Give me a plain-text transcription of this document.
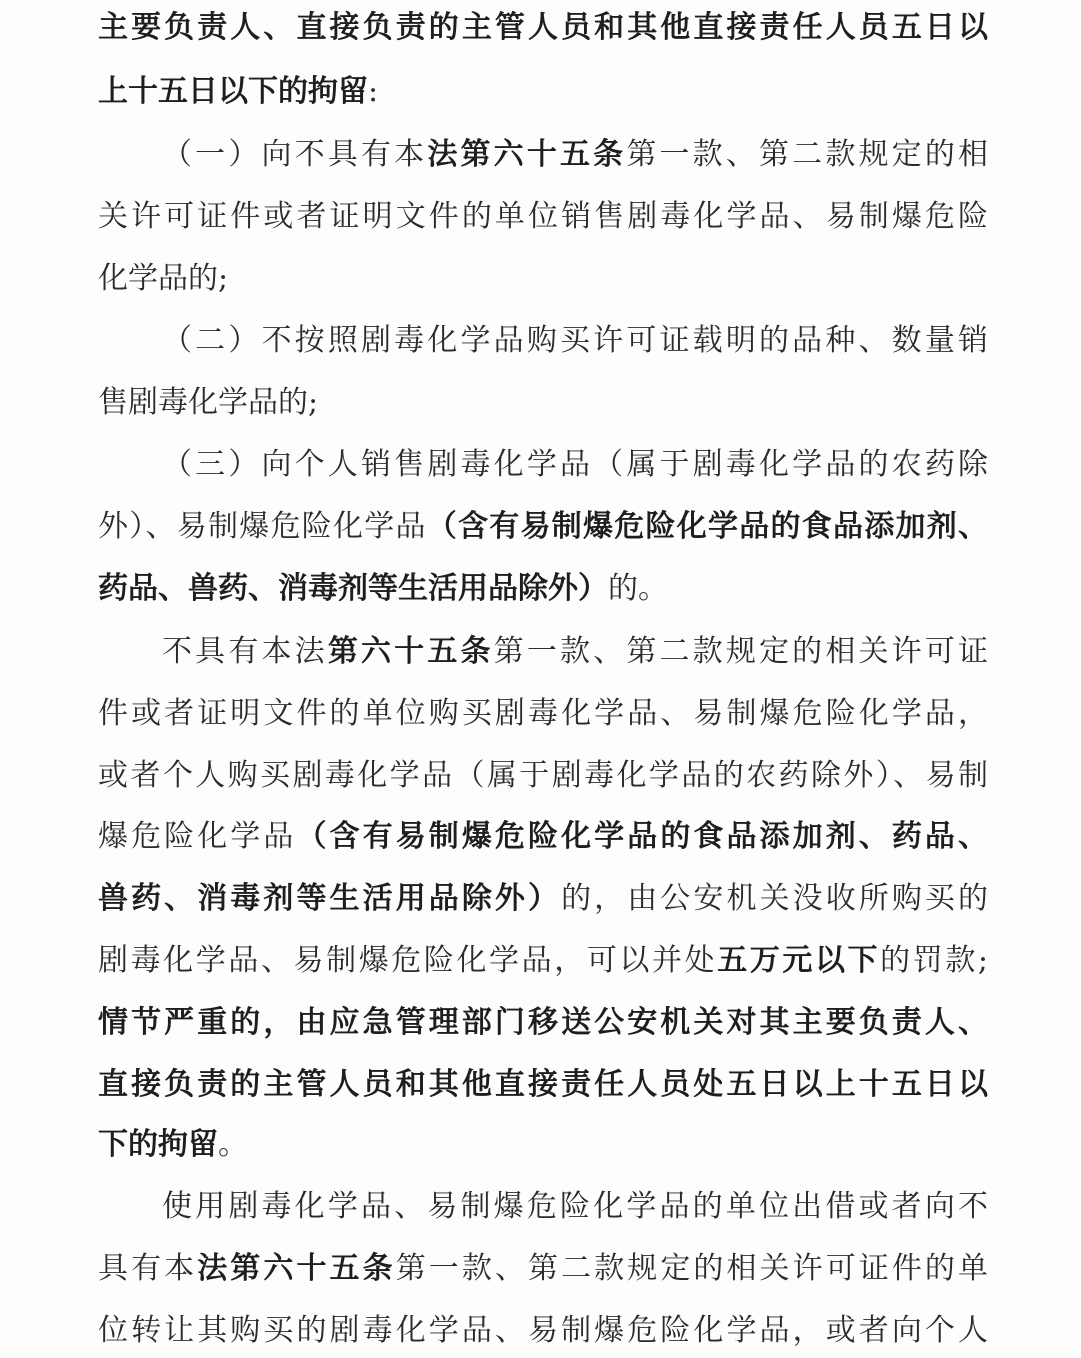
主要负责人、直接负责的主管人员和其他直接责任人员五日以
上十五日以下的拘留:
（一）向不具有本法第六十五条第一款、第二款规定的相
关许可证件或者证明文件的单位销售剧毒化学品、易制爆危险
化学品的;
（二）不按照剧毒化学品购买许可证载明的品种、数量销
售剧毒化学品的;
（三）向个人销售剧毒化学品（属于剧毒化学品的农药除
外）、易制爆危险化学品（含有易制爆危险化学品的食品添加剂、
药品、兽药、消毒剂等生活用品除外）的。
不具有本法第六十五条第一款、第二款规定的相关许可证
件或者证明文件的单位购买剧毒化学品、易制爆危险化学品，
或者个人购买剧毒化学品（属于剧毒化学品的农药除外）、易制
爆危险化学品（含有易制爆危险化学品的食品添加剂、药品、
兽药、消毒剂等生活用品除外）的，由公安机关没收所购买的
剧毒化学品、易制爆危险化学品，可以并处五万元以下的罚款;
情节严重的，由应急管理部门移送公安机关对其主要负责人、
直接负责的主管人员和其他直接责任人员处五日以上十五日以
下的拘留。
使用剧毒化学品、易制爆危险化学品的单位出借或者向不
具有本法第六十五条第一款、第二款规定的相关许可证件的单
位转让其购买的剧毒化学品、易制爆危险化学品，或者向个人
